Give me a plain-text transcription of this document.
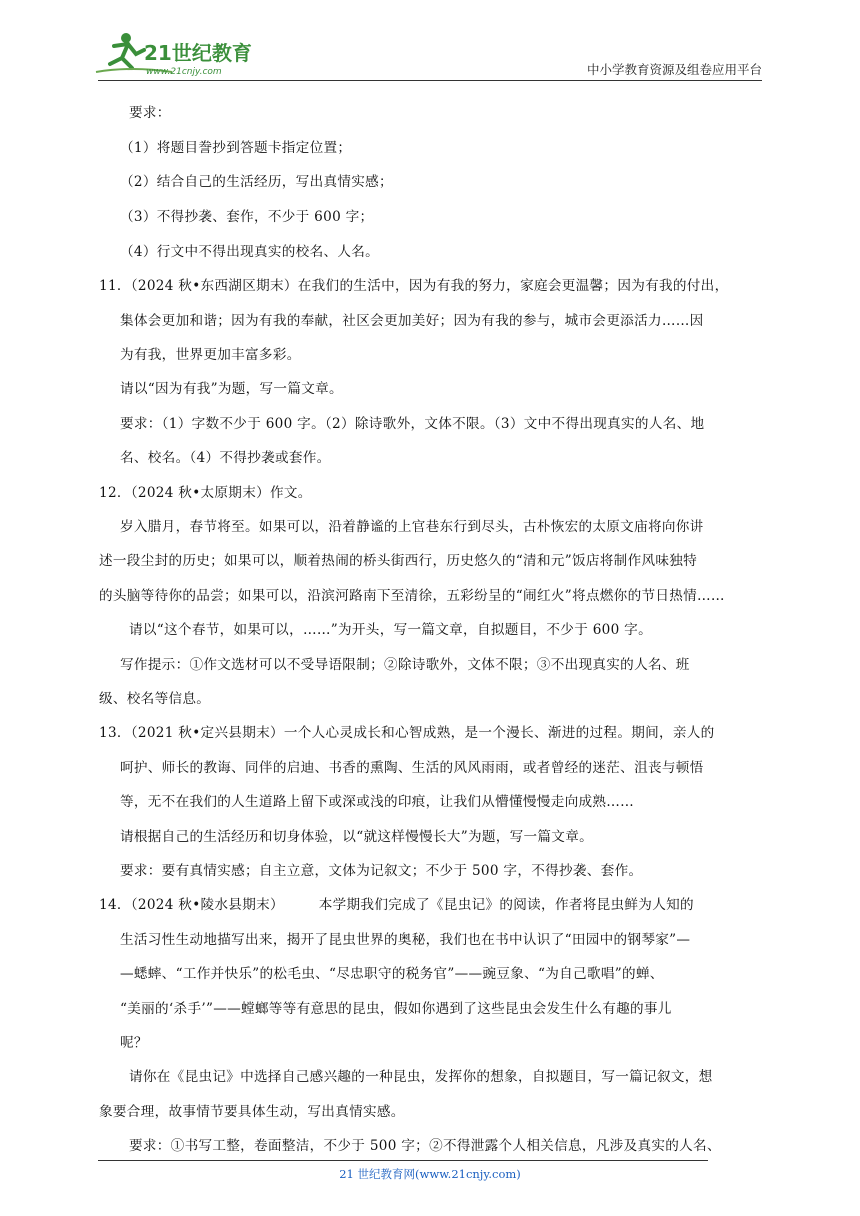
21世纪教育
www.21cnjy.com	中小学教育资源及组卷应用平台
要求：
（1）将题目誊抄到答题卡指定位置；
（2）结合自己的生活经历，写出真情实感；
（3）不得抄袭、套作，不少于 600 字；
（4）行文中不得出现真实的校名、人名。
11．（2024 秋•东西湖区期末）在我们的生活中，因为有我的努力，家庭会更温馨；因为有我的付出，
集体会更加和谐；因为有我的奉献，社区会更加美好；因为有我的参与，城市会更添活力……因
为有我，世界更加丰富多彩。
请以“因为有我”为题，写一篇文章。
要求：（1）字数不少于 600 字。（2）除诗歌外，文体不限。（3）文中不得出现真实的人名、地
名、校名。（4）不得抄袭或套作。
12．（2024 秋•太原期末）作文。
岁入腊月，春节将至。如果可以，沿着静谧的上官巷东行到尽头，古朴恢宏的太原文庙将向你讲
述一段尘封的历史；如果可以，顺着热闹的桥头街西行，历史悠久的“清和元”饭店将制作风味独特
的头脑等待你的品尝；如果可以，沿滨河路南下至清徐，五彩纷呈的“闹红火”将点燃你的节日热情……
请以“这个春节，如果可以，……”为开头，写一篇文章，自拟题目，不少于 600 字。
写作提示：①作文选材可以不受导语限制；②除诗歌外，文体不限；③不出现真实的人名、班
级、校名等信息。
13．（2021 秋•定兴县期末）一个人心灵成长和心智成熟，是一个漫长、渐进的过程。期间，亲人的
呵护、师长的教诲、同伴的启迪、书香的熏陶、生活的风风雨雨，或者曾经的迷茫、沮丧与顿悟
等，无不在我们的人生道路上留下或深或浅的印痕，让我们从懵懂慢慢走向成熟……
请根据自己的生活经历和切身体验，以“就这样慢慢长大”为题，写一篇文章。
要求：要有真情实感；自主立意，文体为记叙文；不少于 500 字，不得抄袭、套作。
14．（2024 秋•陵水县期末）　　　本学期我们完成了《昆虫记》的阅读，作者将昆虫鲜为人知的
生活习性生动地描写出来，揭开了昆虫世界的奥秘，我们也在书中认识了“田园中的钢琴家”—
—蟋蟀、“工作并快乐”的松毛虫、“尽忠职守的税务官”——豌豆象、“为自己歌唱”的蝉、
“美丽的‘杀手’”——螳螂等等有意思的昆虫，假如你遇到了这些昆虫会发生什么有趣的事儿
呢？
请你在《昆虫记》中选择自己感兴趣的一种昆虫，发挥你的想象，自拟题目，写一篇记叙文，想
象要合理，故事情节要具体生动，写出真情实感。
要求：①书写工整，卷面整洁，不少于 500 字；②不得泄露个人相关信息，凡涉及真实的人名、
21 世纪教育网(www.21cnjy.com)
